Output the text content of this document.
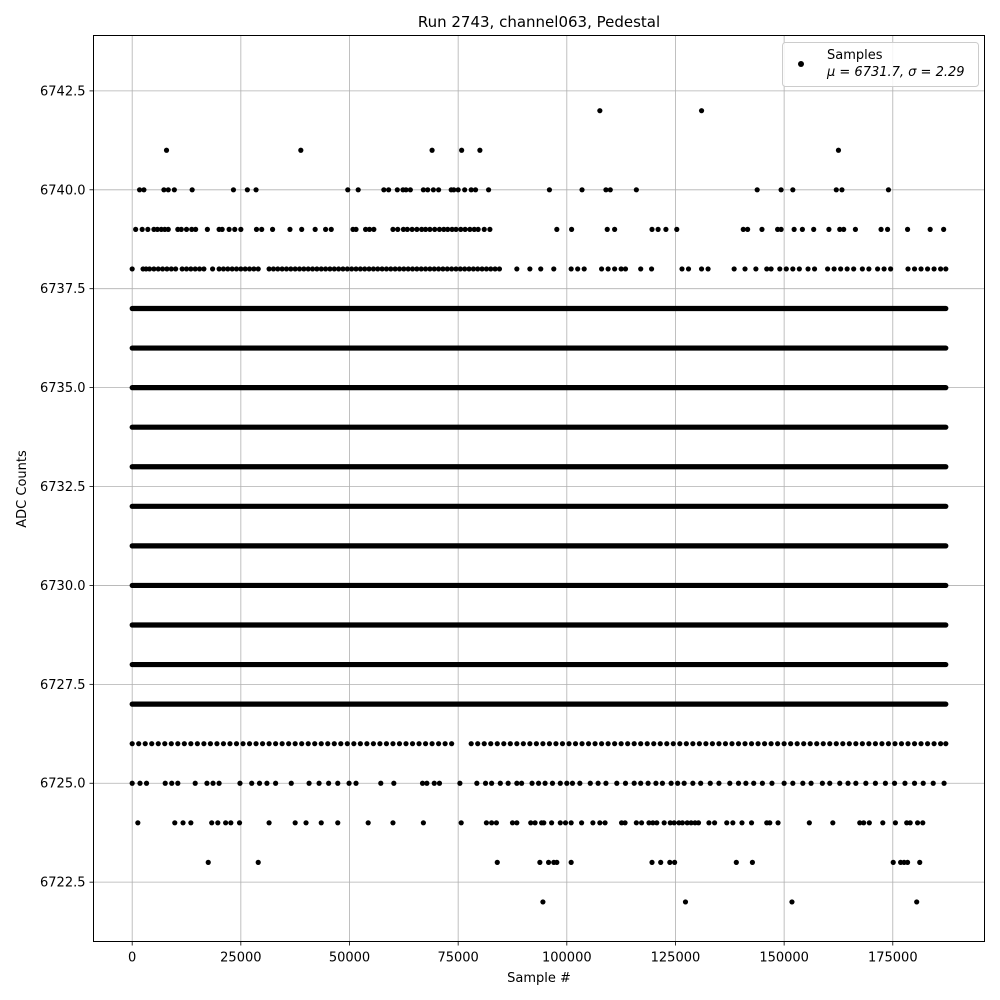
Run 2743, channel063, Pedestal
0	25000	50000	75000	100000	125000	150000	175000
6722.5
6725.0
6727.5
6730.0
6732.5
6735.0
6737.5
6740.0
6742.5
Sample #
ADC Counts
Samples
μ = 6731.7, σ = 2.29
